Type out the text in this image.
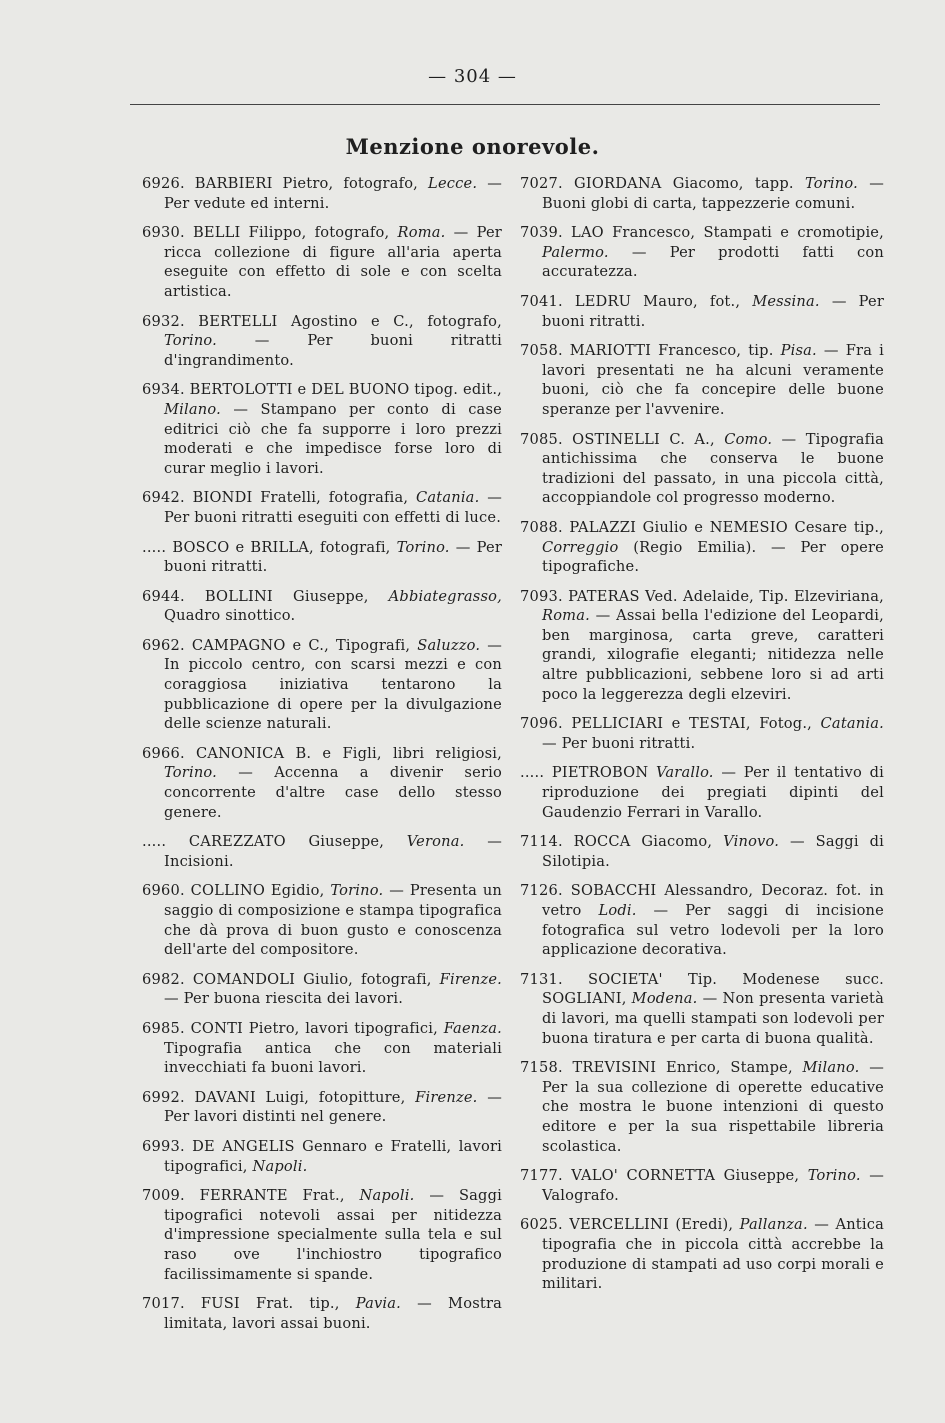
— 304 —
Menzione onorevole.

6926. BARBIERI Pietro, fotografo, Lecce. — Per vedute ed interni.

6930. BELLI Filippo, fotografo, Roma. — Per ricca collezione di figure all'aria aperta eseguite con effetto di sole e con scelta artistica.

6932. BERTELLI Agostino e C., fotografo, Torino.	— Per buoni ritratti d'ingrandimento.

6934. BERTOLOTTI e DEL BUONO tipog. edit., Milano. — Stampano per conto di case editrici ciò che fa supporre i loro prezzi moderati e che impedisce forse loro di curar meglio i lavori.

6942. BIONDI Fratelli, fotografia, Catania. — Per buoni ritratti eseguiti con effetti di luce.

..... BOSCO e BRILLA, fotografi, Torino. — Per buoni ritratti.

6944. BOLLINI Giuseppe, Abbiategrasso, Quadro sinottico.

6962. CAMPAGNO e C., Tipografi, Saluzzo. — In piccolo centro, con scarsi mezzi e con coraggiosa iniziativa tentarono la pubblicazione di opere per la divulgazione delle scienze naturali.

6966. CANONICA B. e Figli, libri religiosi, Torino. — Accenna a divenir serio concorrente d'altre case dello stesso genere.

..... CAREZZATO Giuseppe, Verona. — Incisioni.

6960. COLLINO Egidio, Torino. — Presenta un saggio di composizione e stampa tipografica che dà prova di buon gusto e conoscenza dell'arte del compositore.

6982. COMANDOLI Giulio, fotografi, Firenze. — Per buona riescita dei lavori.

6985. CONTI Pietro, lavori tipografici, Faenza. Tipografia antica che con materiali invecchiati fa buoni lavori.

6992. DAVANI Luigi, fotopitture, Firenze. — Per lavori distinti nel genere.

6993. DE ANGELIS Gennaro e Fratelli, lavori tipografici, Napoli.

7009. FERRANTE Frat., Napoli. — Saggi tipografici notevoli assai per nitidezza d'impressione specialmente sulla tela e sul raso ove l'inchiostro tipografico facilissimamente si spande.

7017. FUSI Frat. tip., Pavia. — Mostra limitata, lavori assai buoni.

7027. GIORDANA Giacomo, tapp. Torino. — Buoni globi di carta, tappezzerie comuni.

7039. LAO Francesco, Stampati e cromotipie, Palermo. — Per prodotti fatti con accuratezza.

7041. LEDRU Mauro, fot., Messina. — Per buoni ritratti.

7058. MARIOTTI Francesco, tip. Pisa. — Fra i lavori presentati ne ha alcuni veramente buoni, ciò che fa concepire delle buone speranze per l'avvenire.

7085. OSTINELLI C. A., Como. — Tipografia antichissima che conserva le buone tradizioni del passato, in una piccola città, accoppiandole col progresso moderno.

7088. PALAZZI Giulio e NEMESIO Cesare tip., Correggio (Regio Emilia). — Per opere tipografiche.

7093. PATERAS Ved. Adelaide, Tip. Elzeviriana, Roma. — Assai bella l'edizione del Leopardi, ben marginosa, carta greve, caratteri grandi, xilografie eleganti; nitidezza nelle altre pubblicazioni, sebbene loro si ad arti poco la leggerezza degli elzeviri.

7096. PELLICIARI e TESTAI, Fotog., Catania. — Per buoni ritratti.

..... PIETROBON Varallo. — Per il tentativo di riproduzione dei pregiati dipinti del Gaudenzio Ferrari in Varallo.

7114. ROCCA Giacomo, Vinovo. — Saggi di Silotipia.

7126. SOBACCHI Alessandro, Decoraz. fot. in vetro Lodi. — Per saggi di incisione fotografica sul vetro lodevoli per la loro applicazione decorativa.

7131. SOCIETA' Tip. Modenese succ. SOGLIANI, Modena. — Non presenta varietà di lavori, ma quelli stampati son lodevoli per buona tiratura e per carta di buona qualità.

7158. TREVISINI Enrico, Stampe, Milano. — Per la sua collezione di operette educative che mostra le buone intenzioni di questo editore e per la sua rispettabile libreria scolastica.

7177. VALO' CORNETTA Giuseppe, Torino. — Valografo.

6025. VERCELLINI (Eredi), Pallanza. — Antica tipografia che in piccola città accrebbe la produzione di stampati ad uso corpi morali e militari.
